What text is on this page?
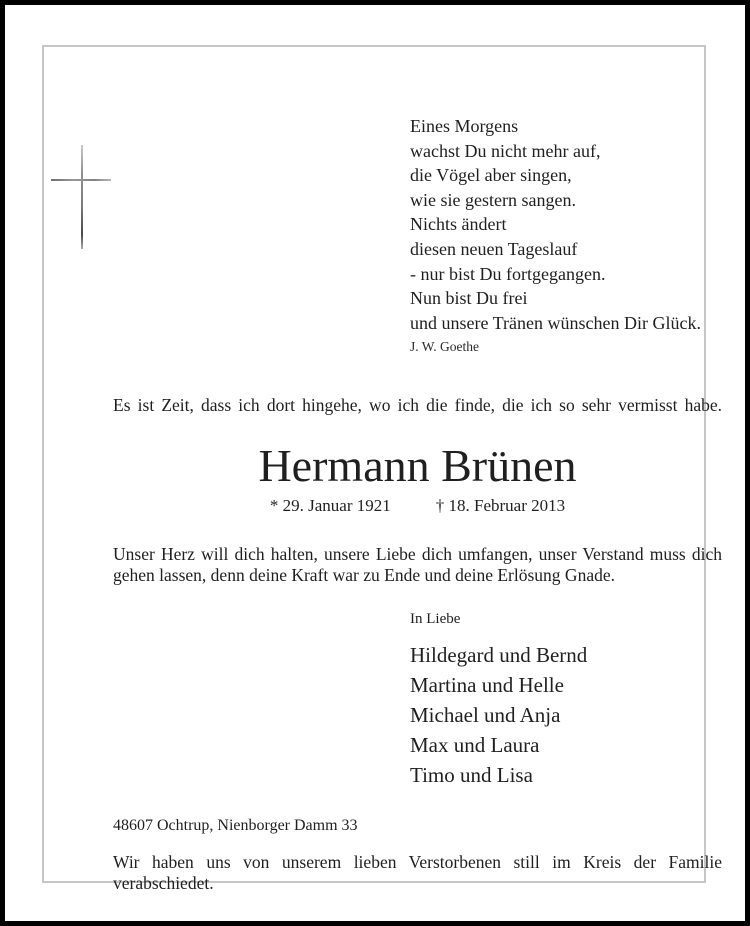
Eines Morgens
wachst Du nicht mehr auf,
die Vögel aber singen,
wie sie gestern sangen.
Nichts ändert
diesen neuen Tageslauf
- nur bist Du fortgegangen.
Nun bist Du frei
und unsere Tränen wünschen Dir Glück.
J. W. Goethe
Es ist Zeit, dass ich dort hingehe, wo ich die finde, die ich so sehr vermisst habe.
Hermann Brünen
* 29. Januar 1921	† 18. Februar 2013
Unser Herz will dich halten, unsere Liebe dich umfangen, unser Verstand muss dich gehen lassen, denn deine Kraft war zu Ende und deine Erlösung Gnade.
In Liebe
Hildegard und Bernd
Martina und Helle
Michael und Anja
Max und Laura
Timo und Lisa
48607 Ochtrup, Nienborger Damm 33
Wir haben uns von unserem lieben Verstorbenen still im Kreis der Familie verabschiedet.
